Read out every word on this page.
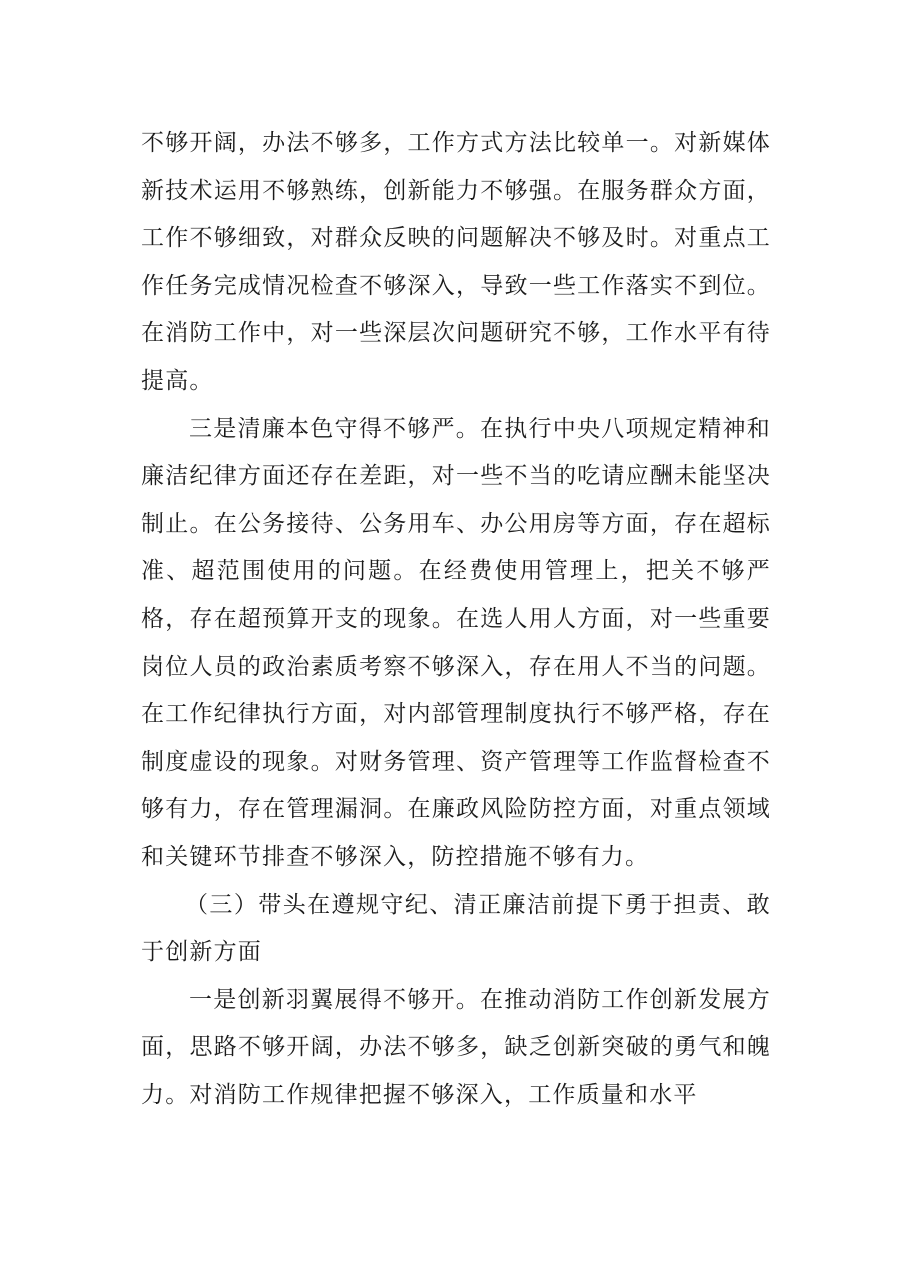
不够开阔，办法不够多，工作方式方法比较单一。对新媒体新技术运用不够熟练，创新能力不够强。在服务群众方面，工作不够细致，对群众反映的问题解决不够及时。对重点工作任务完成情况检查不够深入，导致一些工作落实不到位。在消防工作中，对一些深层次问题研究不够，工作水平有待提高。

三是清廉本色守得不够严。在执行中央八项规定精神和廉洁纪律方面还存在差距，对一些不当的吃请应酬未能坚决制止。在公务接待、公务用车、办公用房等方面，存在超标准、超范围使用的问题。在经费使用管理上，把关不够严格，存在超预算开支的现象。在选人用人方面，对一些重要岗位人员的政治素质考察不够深入，存在用人不当的问题。在工作纪律执行方面，对内部管理制度执行不够严格，存在制度虚设的现象。对财务管理、资产管理等工作监督检查不够有力，存在管理漏洞。在廉政风险防控方面，对重点领域和关键环节排查不够深入，防控措施不够有力。

（三）带头在遵规守纪、清正廉洁前提下勇于担责、敢于创新方面

一是创新羽翼展得不够开。在推动消防工作创新发展方面，思路不够开阔，办法不够多，缺乏创新突破的勇气和魄力。对消防工作规律把握不够深入，工作质量和水平
